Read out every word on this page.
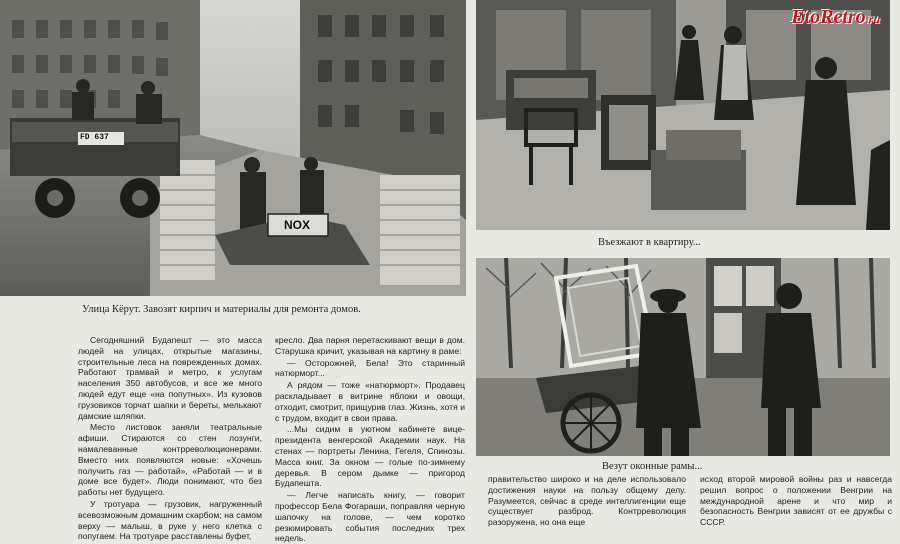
FD 637
NOX
EtoRetro.ru
Улица Кёрут. Завозят кирпич и материалы для ремонта домов.
Въезжают в квартиру...
Везут оконные рамы...

Сегодняшний Будапешт — это масса людей на улицах, открытые магазины, строительные леса на поврежденных домах. Работают трамвай и метро, к услугам населения 350 автобусов, и все же много людей едут еще «на попутных». Из кузовов грузовиков торчат шапки и береты, мелькают дамские шляпки.

Место листовок заняли театральные афиши. Стираются со стен лозунги, намалеванные контрреволюционерами. Вместо них появляются новые: «Хочешь получить газ — работай», «Работай — и в доме все будет». Люди понимают, что без работы нет будущего.

У тротуара — грузовик, нагруженный всевозможным домашним скарбом; на самом верху — малыш, в руке у него клетка с попугаем. На тротуаре расставлены буфет,

кресло. Два парня перетаскивают вещи в дом. Старушка кричит, указывая на картину в раме:

— Осторожней, Бела! Это старинный натюрморт...

А рядом — тоже «натюрморт». Продавец раскладывает в витрине яблоки и овощи, отходит, смотрит, прищурив глаз. Жизнь, хотя и с трудом, входит в свои права.

...Мы сидим в уютном кабинете вице-президента венгерской Академии наук. На стенах — портреты Ленина, Гегеля, Спинозы. Масса книг. За окном — голые по-зимнему деревья. В сером дымке — пригород Будапешта.

— Легче написать книгу, — говорит профессор Бела Фогараши, поправляя черную шапочку на голове, — чем коротко резюмировать события последних трех недель.

правительство широко и на деле использовало достижения науки на пользу общему делу. Разумеется, сейчас в среде интеллигенции еще существует разброд. Контрреволюция разоружена, но она еще

исход второй мировой войны раз и навсегда решил вопрос о положении Венгрии на международной арене и что мир и безопасность Венгрии зависят от ее дружбы с СССР.
